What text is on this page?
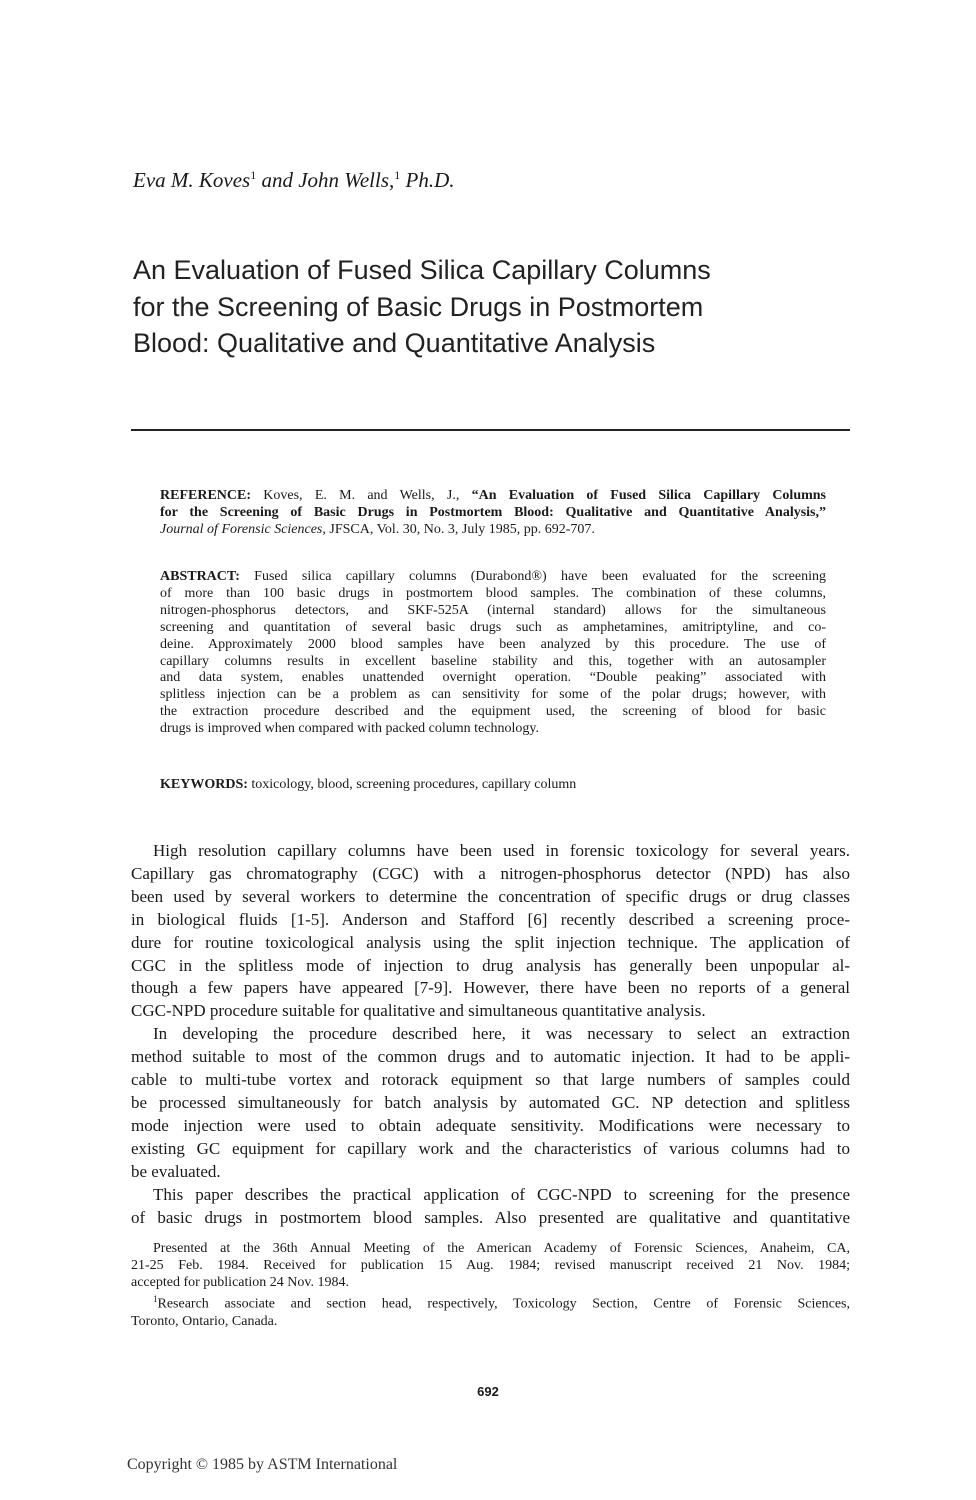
Eva M. Koves$^1$ and John Wells,$^1$ Ph.D.
An Evaluation of Fused Silica Capillary Columns
for the Screening of Basic Drugs in Postmortem
Blood: Qualitative and Quantitative Analysis
REFERENCE: Koves, E. M. and Wells, J., “An Evaluation of Fused Silica Capillary Columns
for the Screening of Basic Drugs in Postmortem Blood: Qualitative and Quantitative Analysis,”
Journal of Forensic Sciences, JFSCA, Vol. 30, No. 3, July 1985, pp. 692-707.
ABSTRACT: Fused silica capillary columns (Durabond®) have been evaluated for the screening
of more than 100 basic drugs in postmortem blood samples. The combination of these columns,
nitrogen-phosphorus detectors, and SKF-525A (internal standard) allows for the simultaneous
screening and quantitation of several basic drugs such as amphetamines, amitriptyline, and co-
deine. Approximately 2000 blood samples have been analyzed by this procedure. The use of
capillary columns results in excellent baseline stability and this, together with an autosampler
and data system, enables unattended overnight operation. “Double peaking” associated with
splitless injection can be a problem as can sensitivity for some of the polar drugs; however, with
the extraction procedure described and the equipment used, the screening of blood for basic
drugs is improved when compared with packed column technology.
KEYWORDS: toxicology, blood, screening procedures, capillary column
High resolution capillary columns have been used in forensic toxicology for several years.
Capillary gas chromatography (CGC) with a nitrogen-phosphorus detector (NPD) has also
been used by several workers to determine the concentration of specific drugs or drug classes
in biological fluids [1-5]. Anderson and Stafford [6] recently described a screening proce-
dure for routine toxicological analysis using the split injection technique. The application of
CGC in the splitless mode of injection to drug analysis has generally been unpopular al-
though a few papers have appeared [7-9]. However, there have been no reports of a general
CGC-NPD procedure suitable for qualitative and simultaneous quantitative analysis.
In developing the procedure described here, it was necessary to select an extraction
method suitable to most of the common drugs and to automatic injection. It had to be appli-
cable to multi-tube vortex and rotorack equipment so that large numbers of samples could
be processed simultaneously for batch analysis by automated GC. NP detection and splitless
mode injection were used to obtain adequate sensitivity. Modifications were necessary to
existing GC equipment for capillary work and the characteristics of various columns had to
be evaluated.
This paper describes the practical application of CGC-NPD to screening for the presence
of basic drugs in postmortem blood samples. Also presented are qualitative and quantitative
Presented at the 36th Annual Meeting of the American Academy of Forensic Sciences, Anaheim, CA,
21-25 Feb. 1984. Received for publication 15 Aug. 1984; revised manuscript received 21 Nov. 1984;
accepted for publication 24 Nov. 1984.
$^1$Research associate and section head, respectively, Toxicology Section, Centre of Forensic Sciences,
Toronto, Ontario, Canada.
692
Copyright © 1985 by ASTM International
